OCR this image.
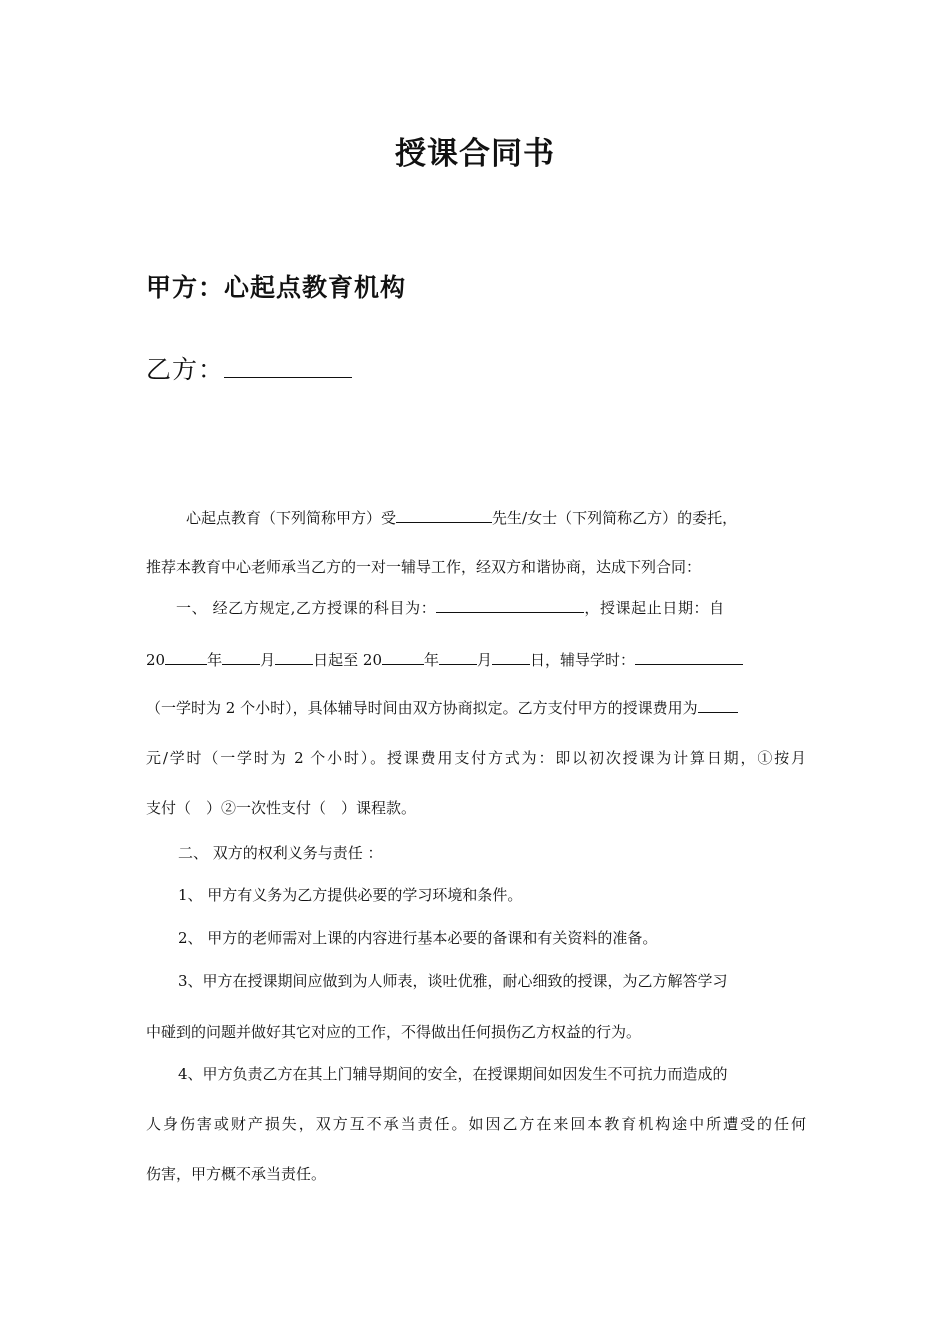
授课合同书
甲方：心起点教育机构
乙方：
心起点教育（下列简称甲方）受	先生/女士（下列简称乙方）的委托，
推荐本教育中心老师承当乙方的一对一辅导工作，经双方和谐协商，达成下列合同：
一、 经乙方规定,乙方授课的科目为：	，授课起止日期：自
20	年	月	日起至 20	年	月	日，辅导学时：
（一学时为 2 个小时），具体辅导时间由双方协商拟定。乙方支付甲方的授课费用为
元/学时（一学时为 2 个小时）。授课费用支付方式为：即以初次授课为计算日期，①按月
支付（　）②一次性支付（　）课程款。
二、 双方的权利义务与责任 ：
1、 甲方有义务为乙方提供必要的学习环境和条件。
2、 甲方的老师需对上课的内容进行基本必要的备课和有关资料的准备。
3、甲方在授课期间应做到为人师表，谈吐优雅，耐心细致的授课，为乙方解答学习
中碰到的问题并做好其它对应的工作，不得做出任何损伤乙方权益的行为。
4、甲方负责乙方在其上门辅导期间的安全，在授课期间如因发生不可抗力而造成的
人身伤害或财产损失，双方互不承当责任。如因乙方在来回本教育机构途中所遭受的任何
伤害，甲方概不承当责任。
